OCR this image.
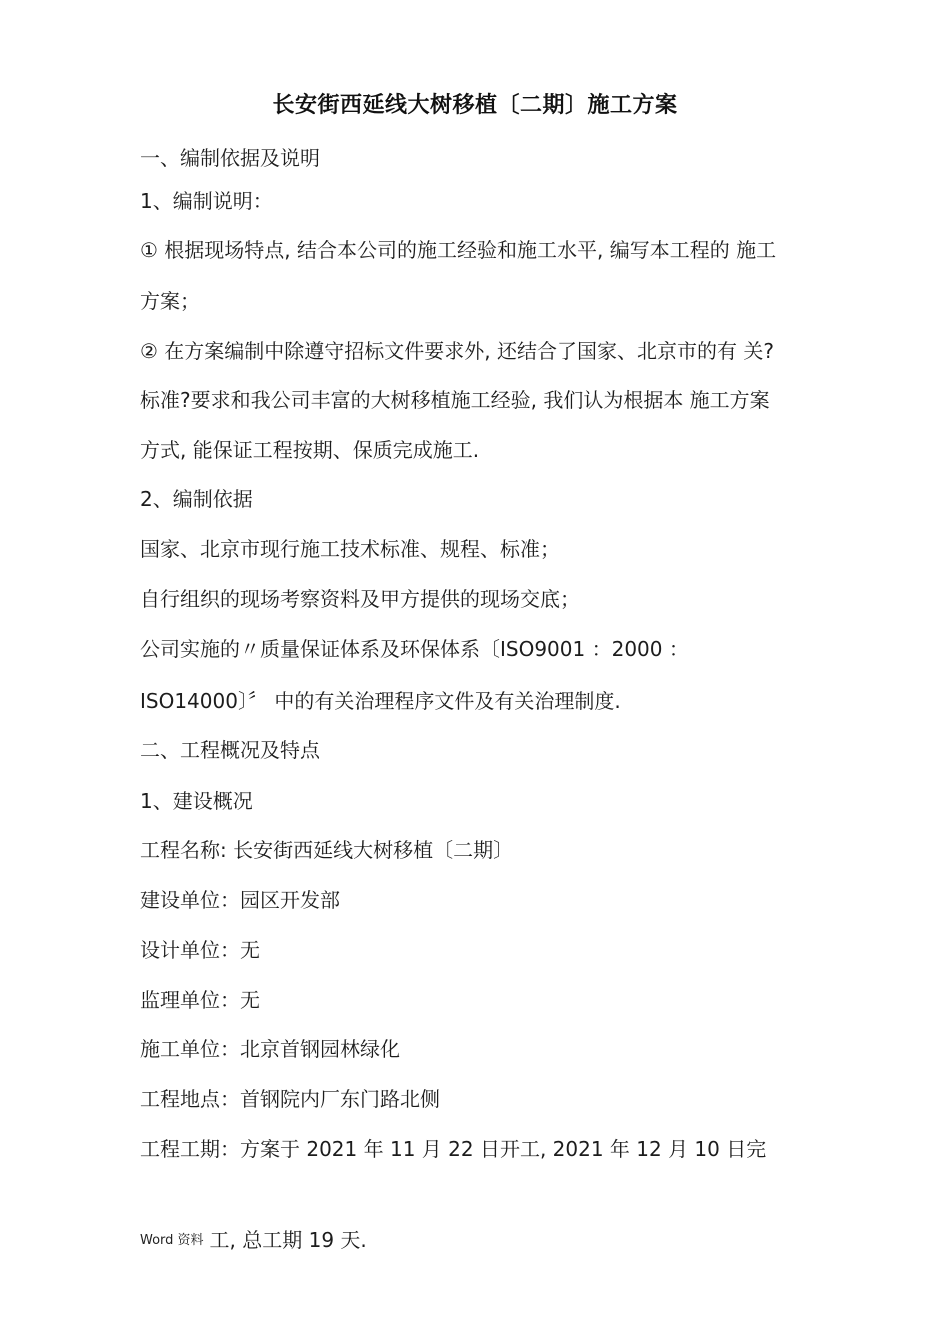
长安街西延线大树移植〔二期〕施工方案
一、编制依据及说明
1、编制说明：
① 根据现场特点, 结合本公司的施工经验和施工水平, 编写本工程的 施工
方案；
② 在方案编制中除遵守招标文件要求外, 还结合了国家、北京市的有 关?
标准?要求和我公司丰富的大树移植施工经验, 我们认为根据本 施工方案
方式, 能保证工程按期、保质完成施工.
2、编制依据
国家、北京市现行施工技术标准、规程、标准；
自行组织的现场考察资料及甲方提供的现场交底；
公司实施的〃质量保证体系及环保体系〔ISO9001 ：2000 ：
ISO14000〕〞 中的有关治理程序文件及有关治理制度.
二、工程概况及特点
1、建设概况
工程名称: 长安街西延线大树移植〔二期〕
建设单位：园区开发部
设计单位：无
监理单位：无
施工单位：北京首钢园林绿化
工程地点：首钢院内厂东门路北侧
工程工期：方案于 2021 年 11 月 22 日开工, 2021 年 12 月 10 日完
Word 资料 工, 总工期 19 天.
